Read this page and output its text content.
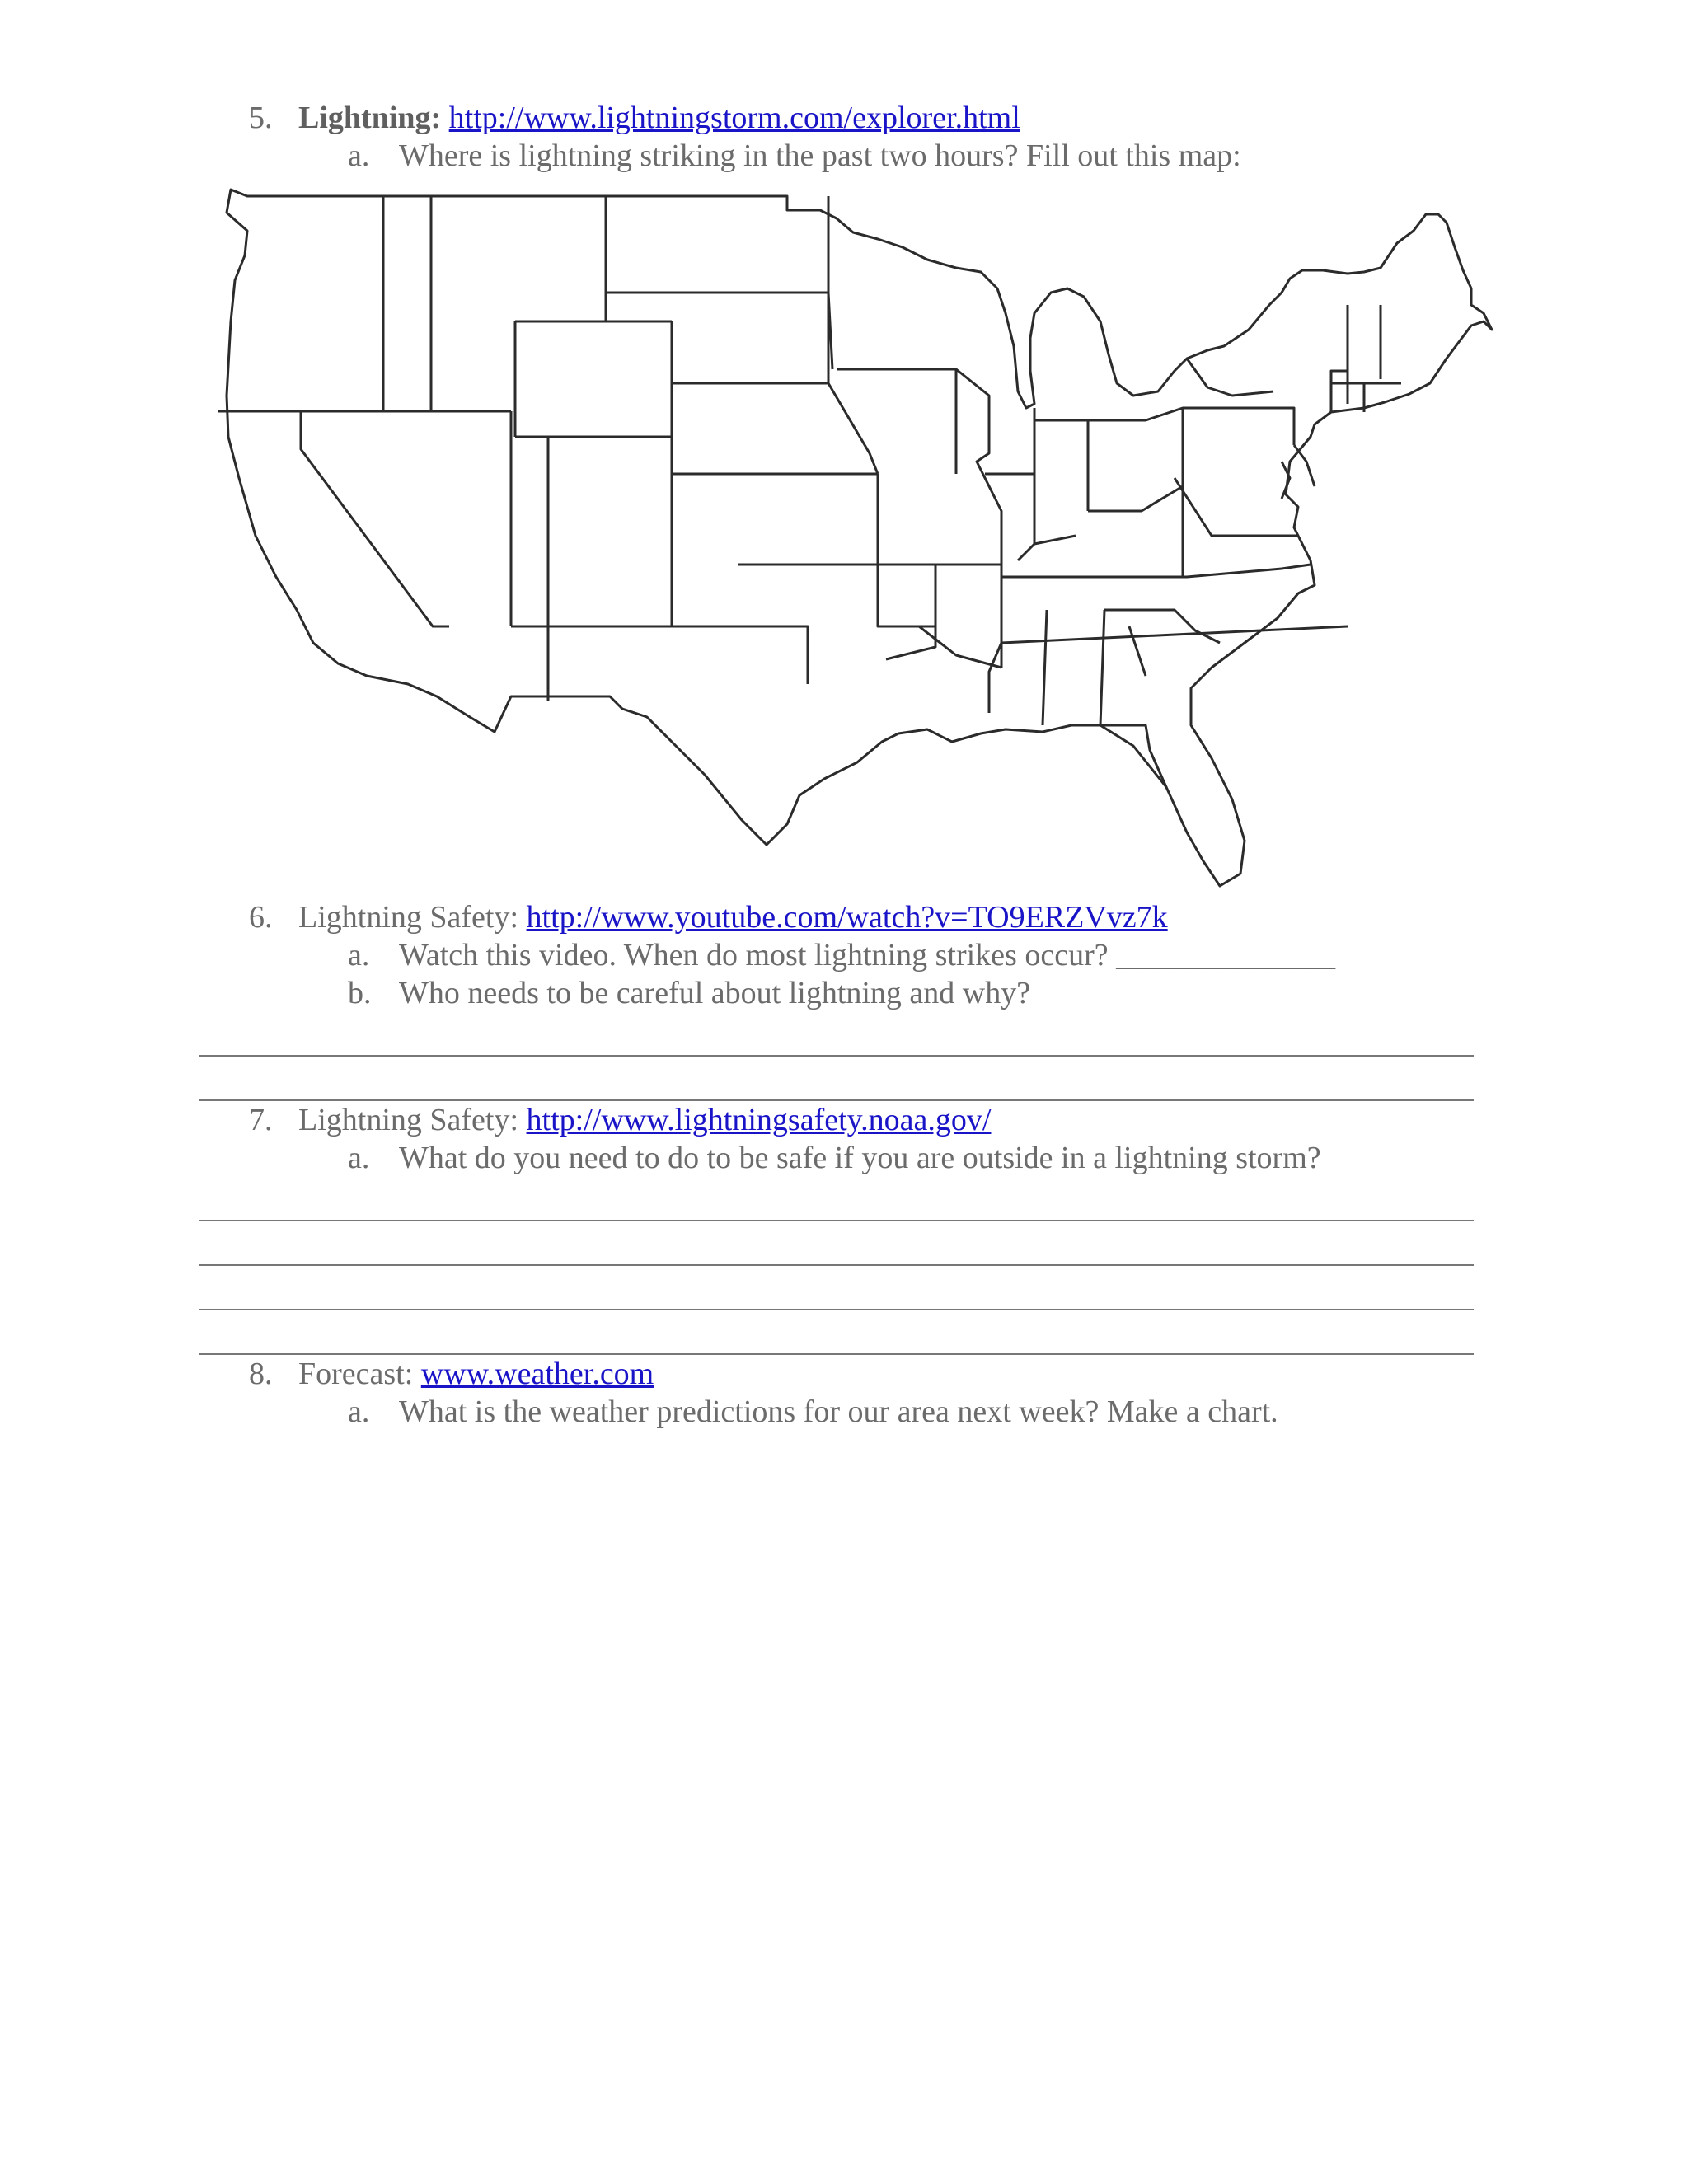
5. Lightning: http://www.lightningstorm.com/explorer.html
a. Where is lightning striking in the past two hours? Fill out this map:
6. Lightning Safety: http://www.youtube.com/watch?v=TO9ERZVvz7k
a. Watch this video. When do most lightning strikes occur? ______________
b. Who needs to be careful about lightning and why?
7. Lightning Safety: http://www.lightningsafety.noaa.gov/
a. What do you need to do to be safe if you are outside in a lightning storm?
8. Forecast: www.weather.com
a. What is the weather predictions for our area next week? Make a chart.
